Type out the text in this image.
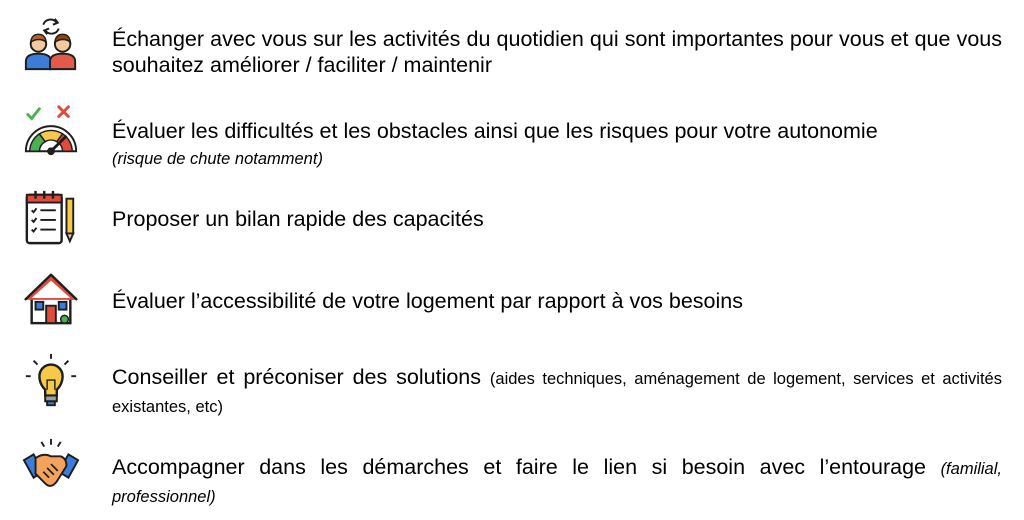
Échanger avec vous sur les activités du quotidien qui sont importantes pour vous et que vous souhaitez améliorer / faciliter / maintenir
Évaluer les difficultés et les obstacles ainsi que les risques pour votre autonomie
(risque de chute notamment)
Proposer un bilan rapide des capacités
Évaluer l’accessibilité de votre logement par rapport à vos besoins
Conseiller et préconiser des solutions (aides techniques, aménagement de logement, services et activités existantes, etc)
Accompagner dans les démarches et faire le lien si besoin avec l’entourage (familial, professionnel)
